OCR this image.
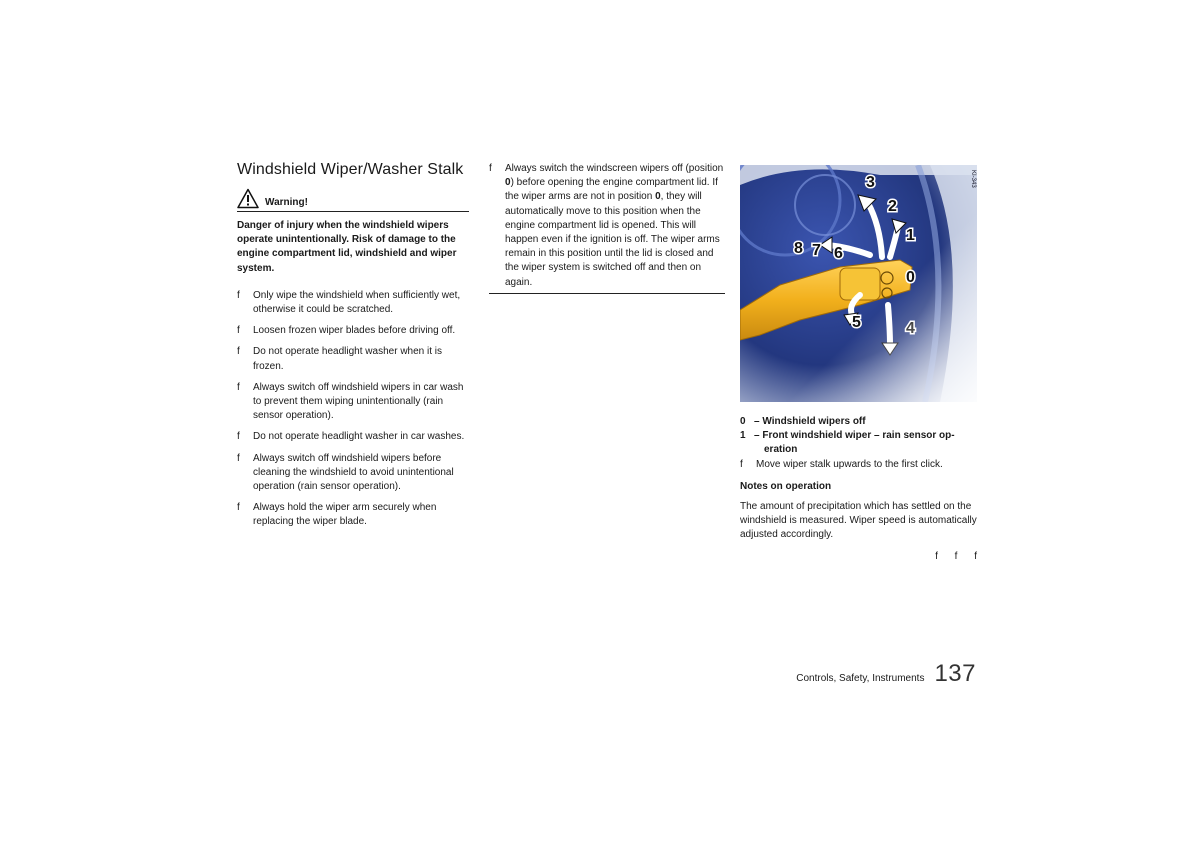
Windshield Wiper/Washer Stalk
Warning!

Danger of injury when the windshield wipers operate unintentionally. Risk of damage to the engine compartment lid, windshield and wiper system.

f	Only wipe the windshield when sufficiently wet, otherwise it could be scratched.
f	Loosen frozen wiper blades before driving off.
f	Do not operate headlight washer when it is frozen.
f	Always switch off windshield wipers in car wash to prevent them wiping unintentionally (rain sensor operation).
f	Do not operate headlight washer in car washes.
f	Always switch off windshield wipers before cleaning the windshield to avoid unintentional operation (rain sensor operation).
f	Always hold the wiper arm securely when replacing the wiper blade.
f	Always switch the windscreen wipers off (position 0) before opening the engine compartment lid. If the wiper arms are not in position 0, they will automatically move to this position when the engine compartment lid is opened. This will happen even if the ignition is off. The wiper arms remain in this position until the lid is closed and the wiper system is switched off and then on again.
0 – Windshield wipers off
1 – Front windshield wiper – rain sensor op-
eration
f	Move wiper stalk upwards to the first click.

Notes on operation

The amount of precipitation which has settled on the windshield is measured. Wiper speed is automatically adjusted accordingly.

f f f

Controls, Safety, Instruments 137
